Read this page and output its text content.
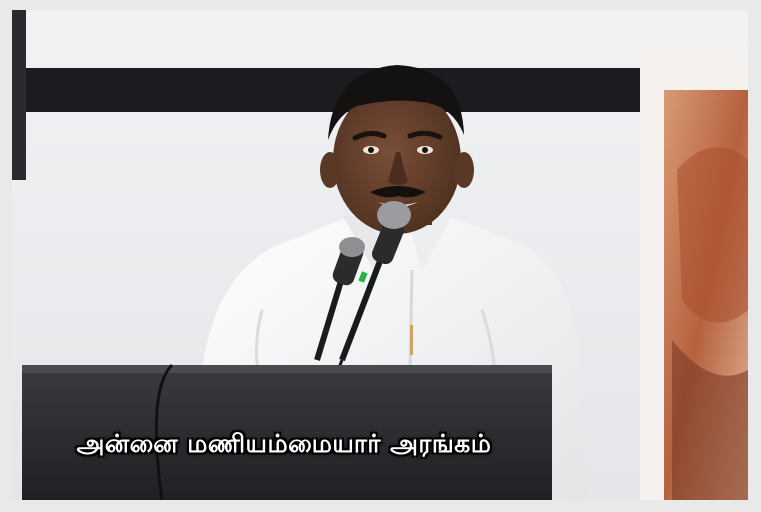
அன்னை மணியம்மையார் அரங்கம்
